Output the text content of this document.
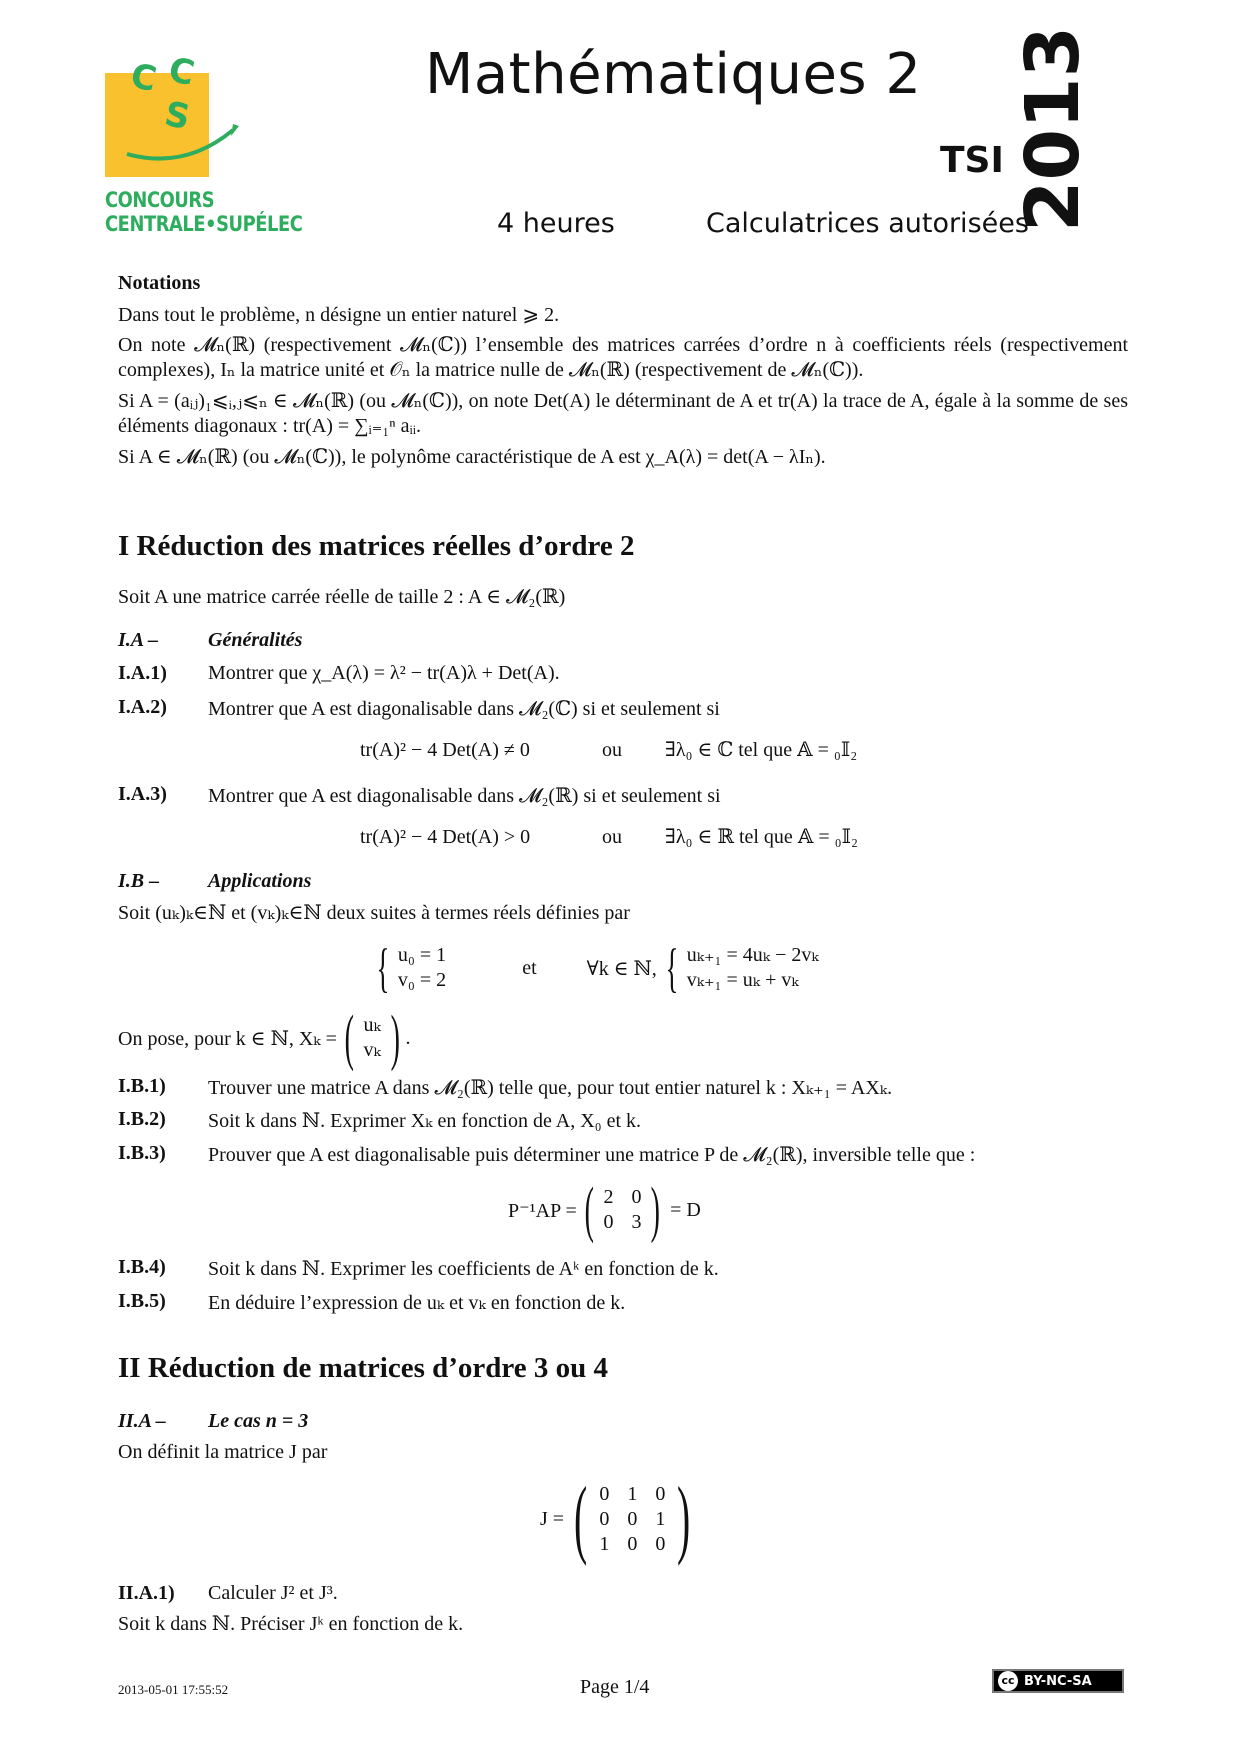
C C
S
CONCOURS CENTRALE•SUPÉLEC
Mathématiques 2
TSI 2013
4 heures	Calculatrices autorisées
Notations
Dans tout le problème, n désigne un entier naturel ⩾ 2.
On note 𝓜ₙ(ℝ) (respectivement 𝓜ₙ(ℂ)) l’ensemble des matrices carrées d’ordre n à coefficients réels (respectivement complexes), Iₙ la matrice unité et 𝒪ₙ la matrice nulle de 𝓜ₙ(ℝ) (respectivement de 𝓜ₙ(ℂ)).
Si A = (aᵢⱼ)₁⩽ᵢ,ⱼ⩽ₙ ∈ 𝓜ₙ(ℝ) (ou 𝓜ₙ(ℂ)), on note Det(A) le déterminant de A et tr(A) la trace de A, égale à la somme de ses éléments diagonaux : tr(A) = ∑ᵢ₌₁ⁿ aᵢᵢ.
Si A ∈ 𝓜ₙ(ℝ) (ou 𝓜ₙ(ℂ)), le polynôme caractéristique de A est χ_A(λ) = det(A − λIₙ).
I Réduction des matrices réelles d’ordre 2
Soit A une matrice carrée réelle de taille 2 : A ∈ 𝓜₂(ℝ)
I.A – Généralités
I.A.1) Montrer que χ_A(λ) = λ² − tr(A)λ + Det(A).
I.A.2) Montrer que A est diagonalisable dans 𝓜₂(ℂ) si et seulement si
tr(A)² − 4 Det(A) ≠ 0	ou ∃λ₀ ∈ ℂ tel que 𝔸 = ₀𝕀₂
I.A.3) Montrer que A est diagonalisable dans 𝓜₂(ℝ) si et seulement si
tr(A)² − 4 Det(A) > 0	ou ∃λ₀ ∈ ℝ tel que 𝔸 = ₀𝕀₂
I.B – Applications
Soit (uₖ)ₖ∈ℕ et (vₖ)ₖ∈ℕ deux suites à termes réels définies par
{ u₀ = 1
v₀ = 2
et	∀k ∈ ℕ, { uₖ₊₁ = 4uₖ − 2vₖ
vₖ₊₁ = uₖ + vₖ
On pose, pour k ∈ ℕ, Xₖ = ( uₖ
vₖ ) .
I.B.1) Trouver une matrice A dans 𝓜₂(ℝ) telle que, pour tout entier naturel k : Xₖ₊₁ = AXₖ.
I.B.2) Soit k dans ℕ. Exprimer Xₖ en fonction de A, X₀ et k.
I.B.3) Prouver que A est diagonalisable puis déterminer une matrice P de 𝓜₂(ℝ), inversible telle que :
P⁻¹AP = ( 2 0
0 3 ) = D
I.B.4) Soit k dans ℕ. Exprimer les coefficients de Aᵏ en fonction de k.
I.B.5) En déduire l’expression de uₖ et vₖ en fonction de k.
II Réduction de matrices d’ordre 3 ou 4
II.A – Le cas n = 3
On définit la matrice J par
J = ( 0 1 0
0 0 1
1 0 0 )
II.A.1) Calculer J² et J³.
Soit k dans ℕ. Préciser Jᵏ en fonction de k.
2013-05-01 17:55:52	Page 1/4	cc BY-NC-SA
